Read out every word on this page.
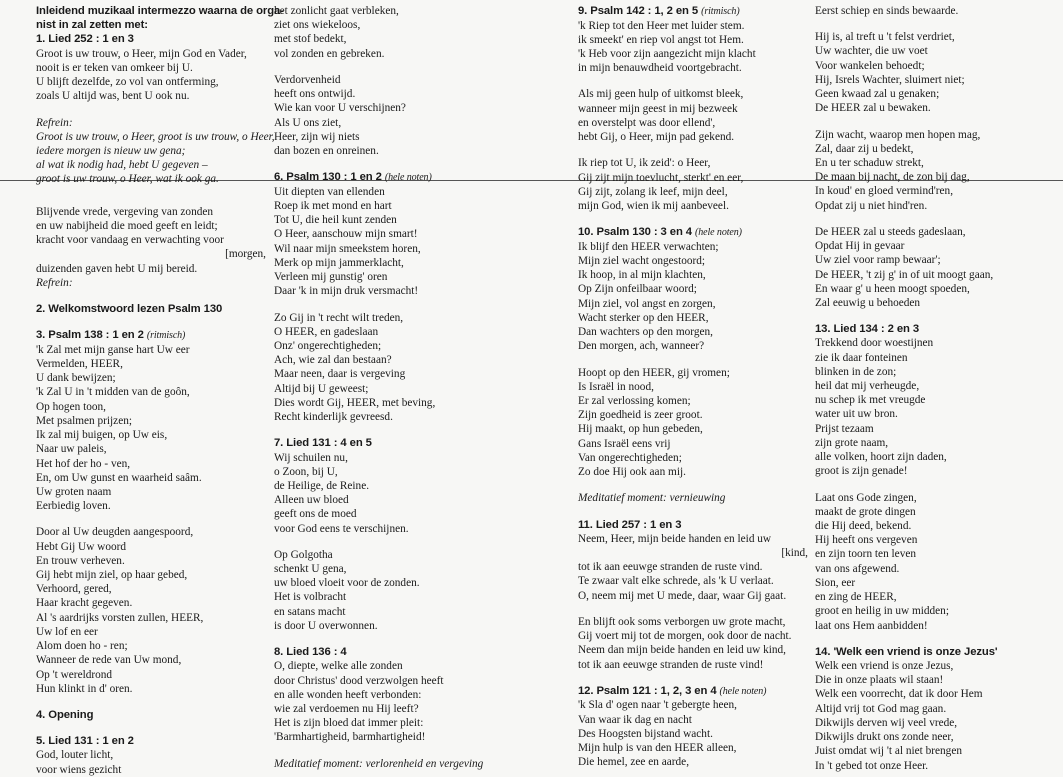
Inleidend muzikaal intermezzo waarna de orga-
nist in zal zetten met:
1. Lied 252 : 1 en 3
Groot is uw trouw, o Heer, mijn God en Vader,
nooit is er teken van omkeer bij U.
U blijft dezelfde, zo vol van ontferming,
zoals U altijd was, bent U ook nu.
Refrein:
Groot is uw trouw, o Heer, groot is uw trouw, o Heer,
iedere morgen is nieuw uw gena;
al wat ik nodig had, hebt U gegeven –
groot is uw trouw, o Heer, wat ik ook ga.
Blijvende vrede, vergeving van zonden
en uw nabijheid die moed geeft en leidt;
kracht voor vandaag en verwachting voor
[morgen,
duizenden gaven hebt U mij bereid.
Refrein:
2. Welkomstwoord lezen Psalm 130
3. Psalm 138 : 1 en 2 (ritmisch)
'k Zal met mijn ganse hart Uw eer
Vermelden, HEER,
U dank bewijzen;
'k Zal U in 't midden van de goôn,
Op hogen toon,
Met psalmen prijzen;
Ik zal mij buigen, op Uw eis,
Naar uw paleis,
Het hof der ho - ven,
En, om Uw gunst en waarheid saâm.
Uw groten naam
Eerbiedig loven.
Door al Uw deugden aangespoord,
Hebt Gij Uw woord
En trouw verheven.
Gij hebt mijn ziel, op haar gebed,
Verhoord, gered,
Haar kracht gegeven.
Al 's aardrijks vorsten zullen, HEER,
Uw lof en eer
Alom doen ho - ren;
Wanneer de rede van Uw mond,
Op 't wereldrond
Hun klinkt in d' oren.
4. Opening
5. Lied 131 : 1 en 2
God, louter licht,
voor wiens gezicht
het zonlicht gaat verbleken,
ziet ons wiekeloos,
met stof bedekt,
vol zonden en gebreken.
Verdorvenheid
heeft ons ontwijd.
Wie kan voor U verschijnen?
Als U ons ziet,
Heer, zijn wij niets
dan bozen en onreinen.
6. Psalm 130 : 1 en 2 (hele noten)
Uit diepten van ellenden
Roep ik met mond en hart
Tot U, die heil kunt zenden
O Heer, aanschouw mijn smart!
Wil naar mijn smeekstem horen,
Merk op mijn jammerklacht,
Verleen mij gunstig' oren
Daar 'k in mijn druk versmacht!
Zo Gij in 't recht wilt treden,
O HEER, en gadeslaan
Onz' ongerechtigheden;
Ach, wie zal dan bestaan?
Maar neen, daar is vergeving
Altijd bij U geweest;
Dies wordt Gij, HEER, met beving,
Recht kinderlijk gevreesd.
7. Lied 131 : 4 en 5
Wij schuilen nu,
o Zoon, bij U,
de Heilige, de Reine.
Alleen uw bloed
geeft ons de moed
voor God eens te verschijnen.
Op Golgotha
schenkt U gena,
uw bloed vloeit voor de zonden.
Het is volbracht
en satans macht
is door U overwonnen.
8. Lied 136 : 4
O, diepte, welke alle zonden
door Christus' dood verzwolgen heeft
en alle wonden heeft verbonden:
wie zal verdoemen nu Hij leeft?
Het is zijn bloed dat immer pleit:
'Barmhartigheid, barmhartigheid!
Meditatief moment: verlorenheid en vergeving
9. Psalm 142 : 1, 2 en 5 (ritmisch)
'k Riep tot den Heer met luider stem.
ik smeekt' en riep vol angst tot Hem.
'k Heb voor zijn aangezicht mijn klacht
in mijn benauwdheid voortgebracht.
Als mij geen hulp of uitkomst bleek,
wanneer mijn geest in mij bezweek
en overstelpt was door ellend',
hebt Gij, o Heer, mijn pad gekend.
Ik riep tot U, ik zeid': o Heer,
Gij zijt mijn toevlucht, sterkt' en eer,
Gij zijt, zolang ik leef, mijn deel,
mijn God, wien ik mij aanbeveel.
10. Psalm 130 : 3 en 4 (hele noten)
Ik blijf den HEER verwachten;
Mijn ziel wacht ongestoord;
Ik hoop, in al mijn klachten,
Op Zijn onfeilbaar woord;
Mijn ziel, vol angst en zorgen,
Wacht sterker op den HEER,
Dan wachters op den morgen,
Den morgen, ach, wanneer?
Hoopt op den HEER, gij vromen;
Is Israël in nood,
Er zal verlossing komen;
Zijn goedheid is zeer groot.
Hij maakt, op hun gebeden,
Gans Israël eens vrij
Van ongerechtigheden;
Zo doe Hij ook aan mij.
Meditatief moment: vernieuwing
11. Lied 257 : 1 en 3
Neem, Heer, mijn beide handen en leid uw
[kind,
tot ik aan eeuwge stranden de ruste vind.
Te zwaar valt elke schrede, als 'k U verlaat.
O, neem mij met U mede, daar, waar Gij gaat.
En blijft ook soms verborgen uw grote macht,
Gij voert mij tot de morgen, ook door de nacht.
Neem dan mijn beide handen en leid uw kind,
tot ik aan eeuwge stranden de ruste vind!
12. Psalm 121 : 1, 2, 3 en 4 (hele noten)
'k Sla d' ogen naar 't gebergte heen,
Van waar ik dag en nacht
Des Hoogsten bijstand wacht.
Mijn hulp is van den HEER alleen,
Die hemel, zee en aarde,
Eerst schiep en sinds bewaarde.
Hij is, al treft u 't felst verdriet,
Uw wachter, die uw voet
Voor wankelen behoedt;
Hij, Isrels Wachter, sluimert niet;
Geen kwaad zal u genaken;
De HEER zal u bewaken.
Zijn wacht, waarop men hopen mag,
Zal, daar zij u bedekt,
En u ter schaduw strekt,
De maan bij nacht, de zon bij dag,
In koud' en gloed vermind'ren,
Opdat zij u niet hind'ren.
De HEER zal u steeds gadeslaan,
Opdat Hij in gevaar
Uw ziel voor ramp bewaar';
De HEER, 't zij g' in of uit moogt gaan,
En waar g' u heen moogt spoeden,
Zal eeuwig u behoeden
13. Lied 134 : 2 en 3
Trekkend door woestijnen
zie ik daar fonteinen
blinken in de zon;
heil dat mij verheugde,
nu schep ik met vreugde
water uit uw bron.
Prijst tezaam
zijn grote naam,
alle volken, hoort zijn daden,
groot is zijn genade!
Laat ons Gode zingen,
maakt de grote dingen
die Hij deed, bekend.
Hij heeft ons vergeven
en zijn toorn ten leven
van ons afgewend.
Sion, eer
en zing de HEER,
groot en heilig in uw midden;
laat ons Hem aanbidden!
14. 'Welk een vriend is onze Jezus'
Welk een vriend is onze Jezus,
Die in onze plaats wil staan!
Welk een voorrecht, dat ik door Hem
Altijd vrij tot God mag gaan.
Dikwijls derven wij veel vrede,
Dikwijls drukt ons zonde neer,
Juist omdat wij 't al niet brengen
In 't gebed tot onze Heer.
